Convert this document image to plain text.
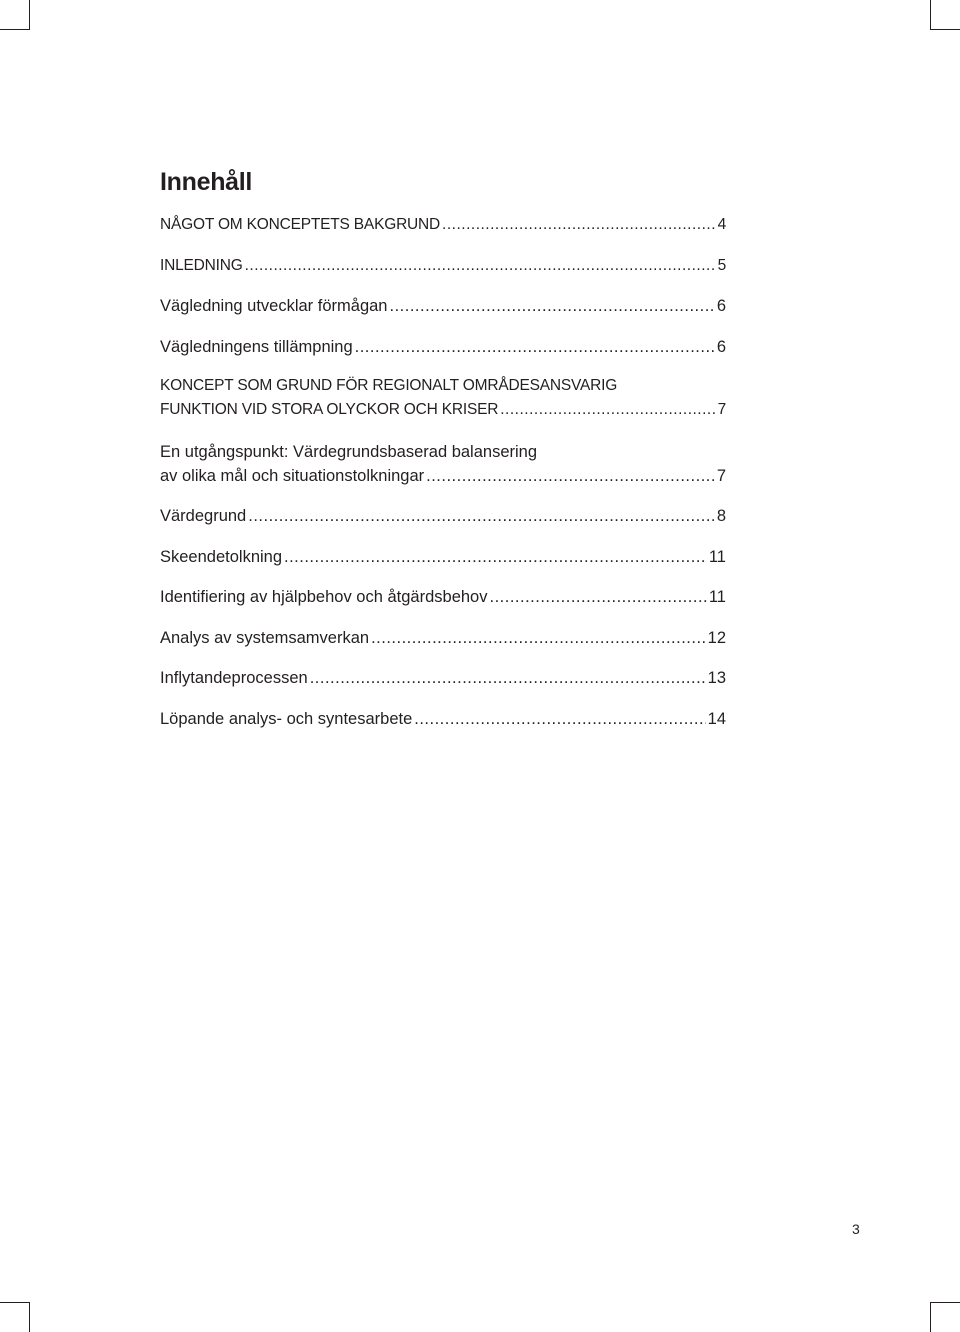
Innehåll
NÅGOT OM KONCEPTETS BAKGRUND .....	4
INLEDNING .....	5
Vägledning utvecklar förmågan .....	6
Vägledningens tillämpning .....	6
KONCEPT SOM GRUND FÖR REGIONALT OMRÅDESANSVARIG
FUNKTION VID STORA OLYCKOR OCH KRISER .....	7
En utgångspunkt: Värdegrundsbaserad balansering
av olika mål och situationstolkningar .....	7
Värdegrund .....	8
Skeendetolkning .....	11
Identifiering av hjälpbehov och åtgärdsbehov .....	11
Analys av systemsamverkan .....	12
Inflytandeprocessen .....	13
Löpande analys- och syntesarbete .....	14
3
